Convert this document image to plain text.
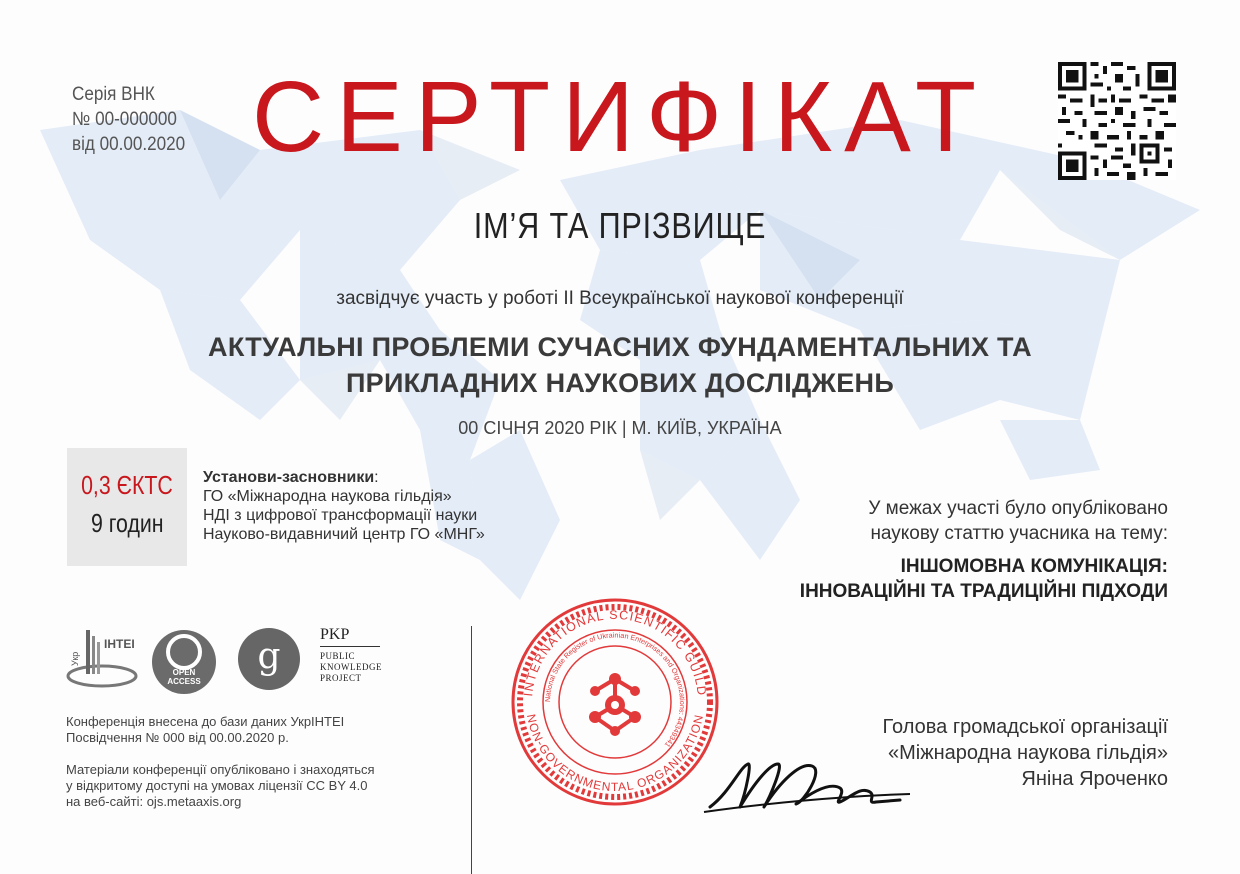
Серія ВНК
№ 00-000000
від 00.00.2020 СЕРТИФІКАТ
ІМ’Я ТА ПРІЗВИЩЕ
засвідчує участь у роботі ІІ Всеукраїнської наукової конференції
АКТУАЛЬНІ ПРОБЛЕМИ СУЧАСНИХ ФУНДАМЕНТАЛЬНИХ ТА
ПРИКЛАДНИХ НАУКОВИХ ДОСЛІДЖЕНЬ
00 СІЧНЯ 2020 РІК | М. КИЇВ, УКРАЇНА
0,3 ЄКТС
9 годин
Установи-засновники:
ГО «Міжнародна наукова гільдія»
НДІ з цифрової трансформації науки
Науково-видавничий центр ГО «МНГ»
У межах участі було опубліковано
наукову статтю учасника на тему:
ІНШОМОВНА КОМУНІКАЦІЯ:
ІННОВАЦІЙНІ ТА ТРАДИЦІЙНІ ПІДХОДИ
ІНТЕІ
Укр
OPEN
ACCESS
g
PKP
PUBLIC
KNOWLEDGE
PROJECT
Конференція внесена до бази даних УкрІНТЕІ
Посвідчення № 000 від 00.00.2020 р.
Матеріали конференції опубліковано і знаходяться
у відкритому доступі на умовах ліцензії CC BY 4.0
на веб-сайті: ojs.metaaxis.org
INTERNATIONAL SCIENTIFIC GUILD
NON-GOVERNMENTAL ORGANIZATION
National State Register of Ukrainian Enterprises and Organizations: 44349341
Голова громадської організації
«Міжнародна наукова гільдія»
Яніна Яроченко
